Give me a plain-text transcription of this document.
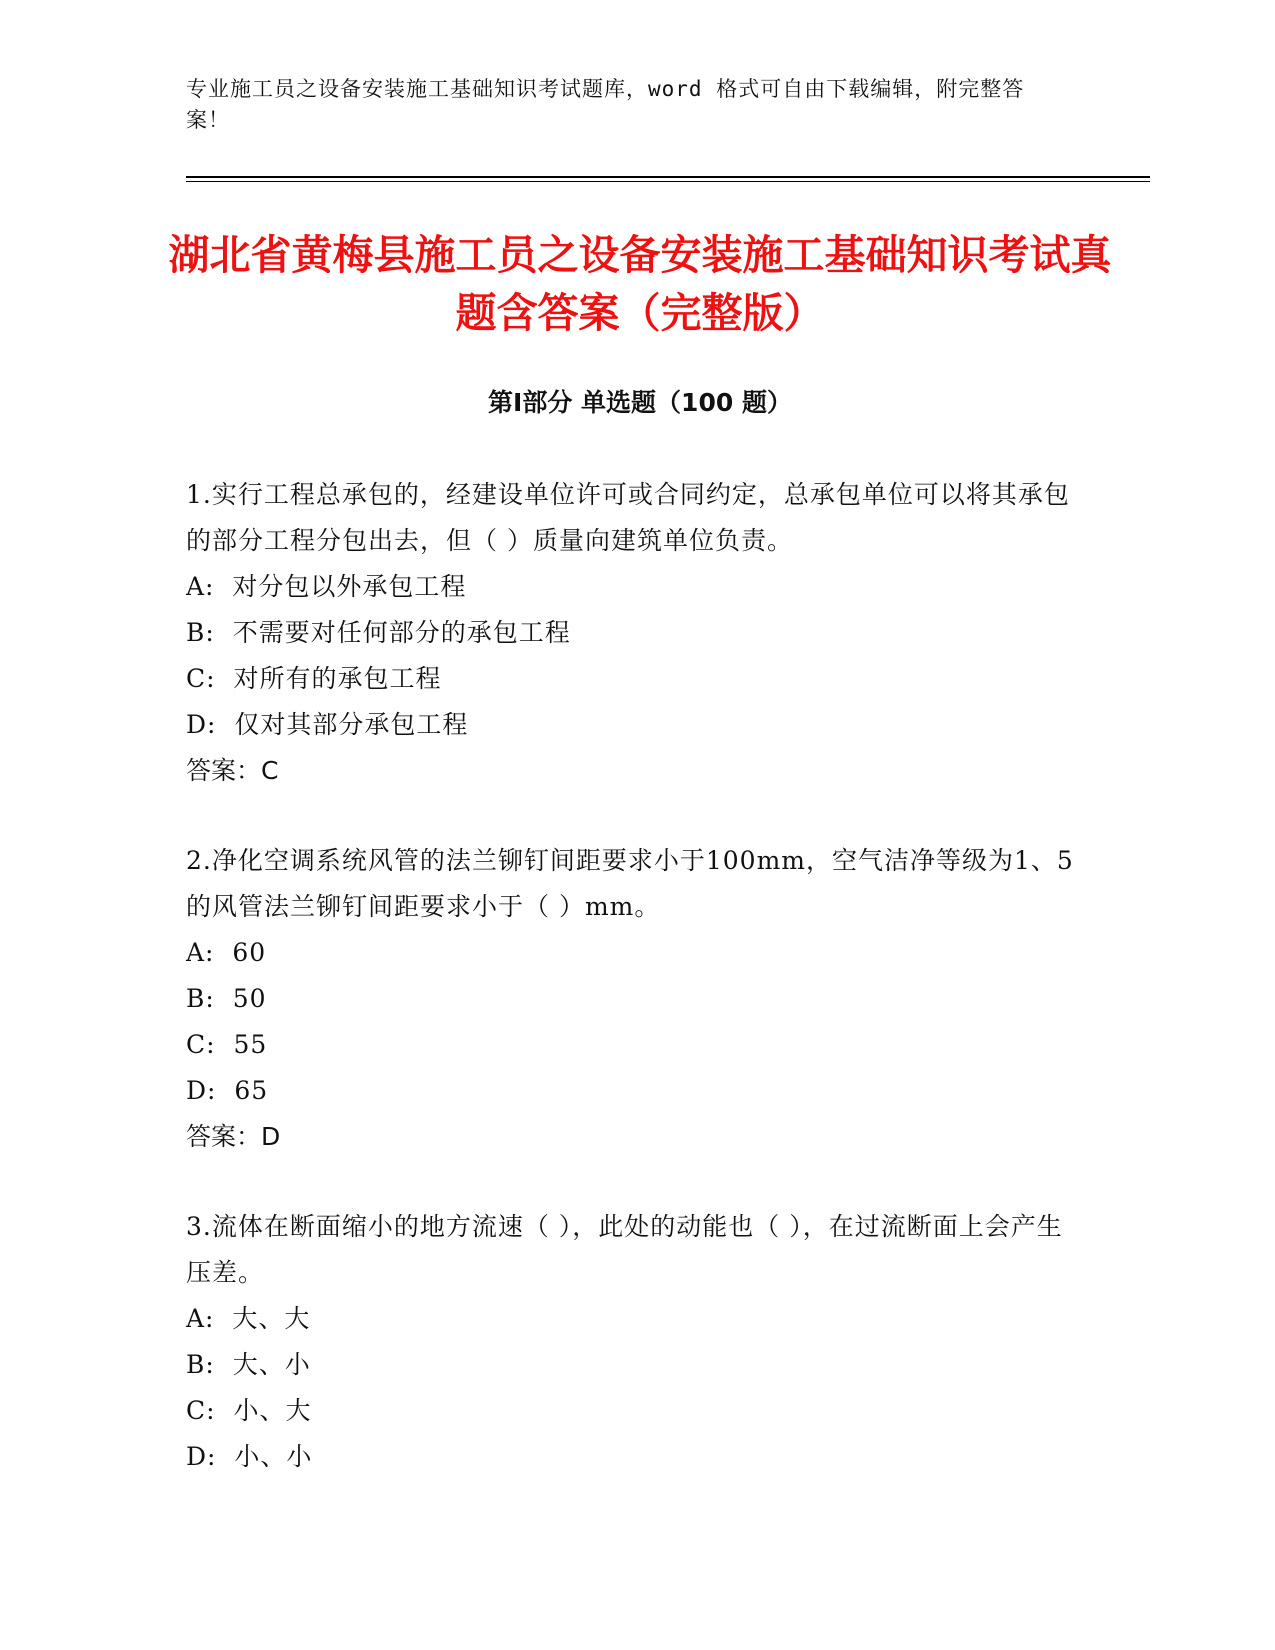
专业施工员之设备安装施工基础知识考试题库，word 格式可自由下载编辑，附完整答案！
湖北省黄梅县施工员之设备安装施工基础知识考试真题含答案（完整版）
第Ⅰ部分 单选题（100 题）

1.实行工程总承包的，经建设单位许可或合同约定，总承包单位可以将其承包的部分工程分包出去，但（ ）质量向建筑单位负责。

A:  对分包以外承包工程

B:  不需要对任何部分的承包工程

C:  对所有的承包工程

D:  仅对其部分承包工程

答案：C

2.净化空调系统风管的法兰铆钉间距要求小于100mm，空气洁净等级为1、5 的风管法兰铆钉间距要求小于（ ）mm。

A:  60

B:  50

C:  55

D:  65

答案：D

3.流体在断面缩小的地方流速（ ），此处的动能也（ ），在过流断面上会产生压差。

A:  大、大

B:  大、小

C:  小、大

D:  小、小
